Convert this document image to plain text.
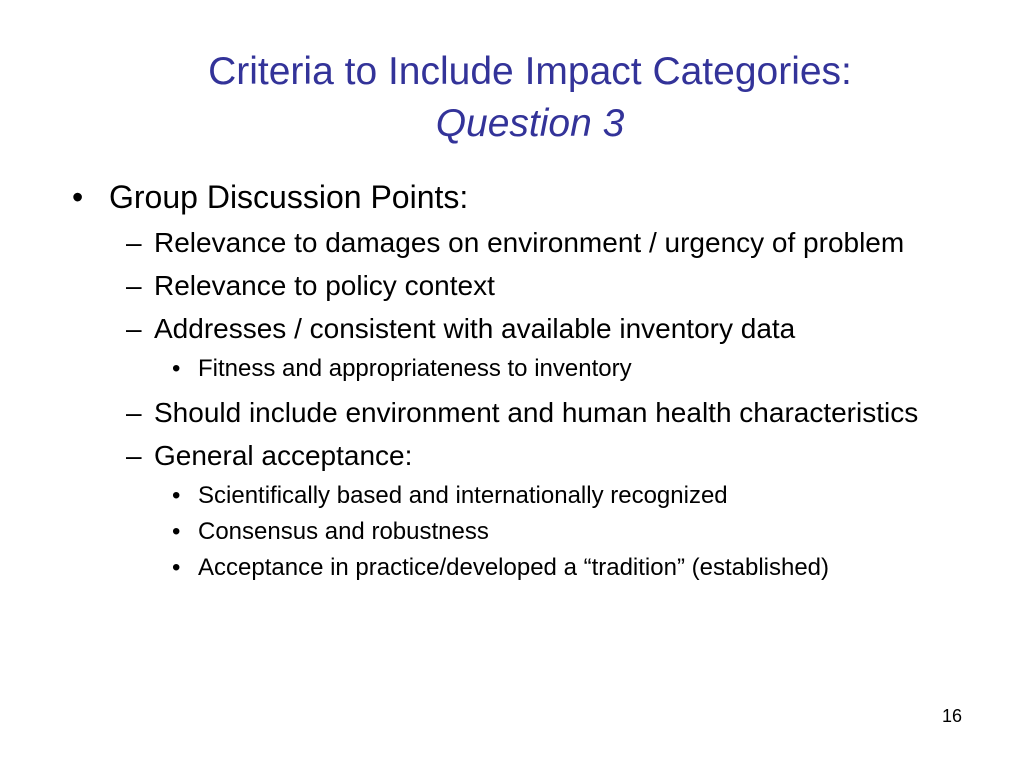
Criteria to Include Impact Categories:
Question 3
• Group Discussion Points:
– Relevance to damages on environment / urgency of problem
– Relevance to policy context
– Addresses / consistent with available inventory data
• Fitness and appropriateness to inventory
– Should include environment and human health characteristics
– General acceptance:
• Scientifically based and internationally recognized
• Consensus and robustness
• Acceptance in practice/developed a “tradition” (established)
16
